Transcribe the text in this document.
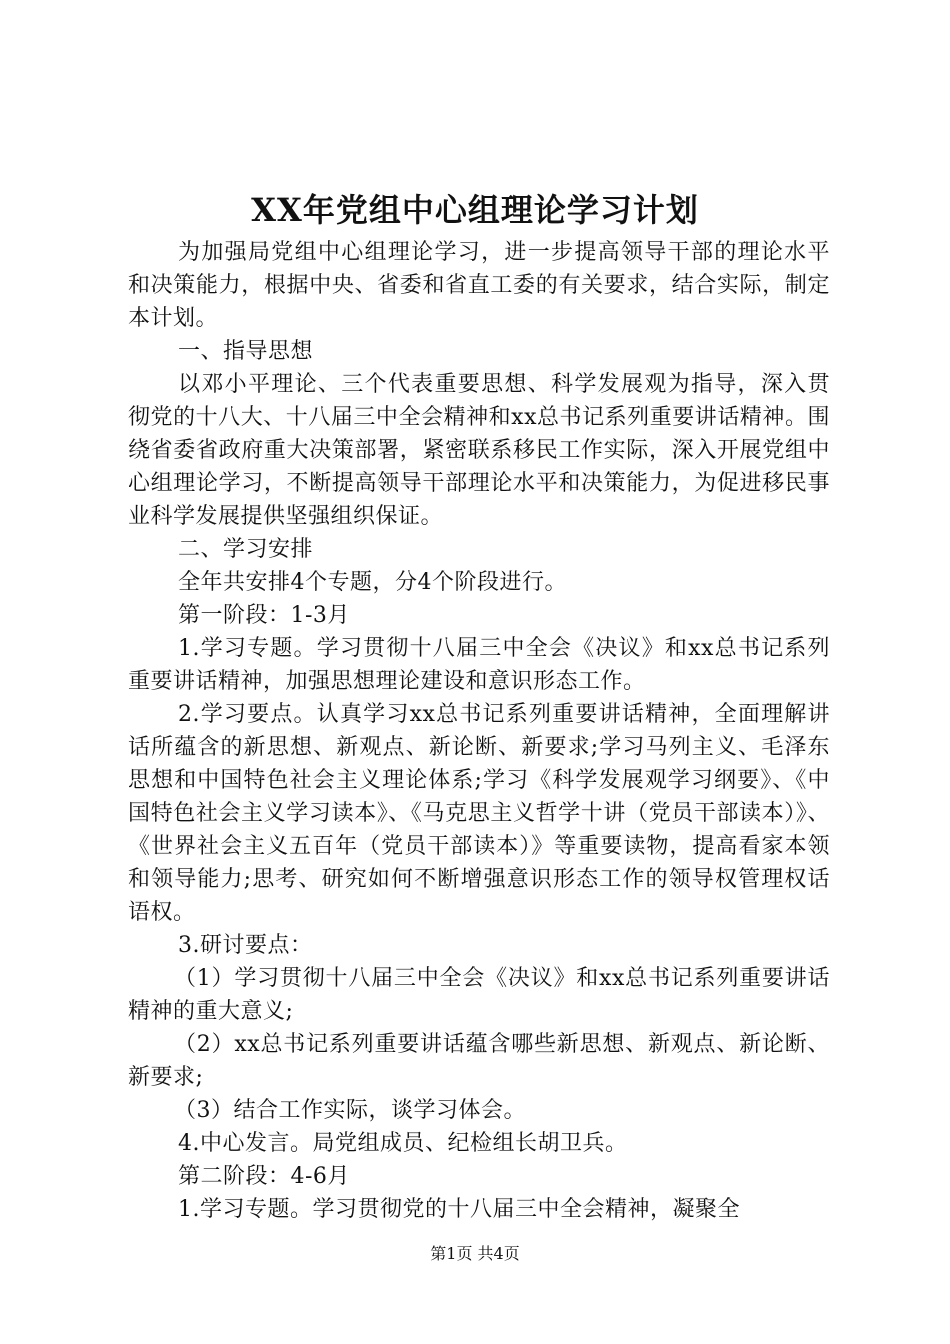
XX年党组中心组理论学习计划

为加强局党组中心组理论学习，进一步提高领导干部的理论水平和决策能力，根据中央、省委和省直工委的有关要求，结合实际，制定本计划。

一、指导思想

以邓小平理论、三个代表重要思想、科学发展观为指导，深入贯彻党的十八大、十八届三中全会精神和xx总书记系列重要讲话精神。围绕省委省政府重大决策部署，紧密联系移民工作实际，深入开展党组中心组理论学习，不断提高领导干部理论水平和决策能力，为促进移民事业科学发展提供坚强组织保证。

二、学习安排

全年共安排4个专题，分4个阶段进行。

第一阶段：1-3月

1.学习专题。学习贯彻十八届三中全会《决议》和xx总书记系列重要讲话精神，加强思想理论建设和意识形态工作。

2.学习要点。认真学习xx总书记系列重要讲话精神，全面理解讲话所蕴含的新思想、新观点、新论断、新要求;学习马列主义、毛泽东思想和中国特色社会主义理论体系;学习《科学发展观学习纲要》、《中国特色社会主义学习读本》、《马克思主义哲学十讲（党员干部读本）》、《世界社会主义五百年（党员干部读本）》等重要读物，提高看家本领和领导能力;思考、研究如何不断增强意识形态工作的领导权管理权话语权。

3.研讨要点：

（1）学习贯彻十八届三中全会《决议》和xx总书记系列重要讲话精神的重大意义;

（2）xx总书记系列重要讲话蕴含哪些新思想、新观点、新论断、新要求;

（3）结合工作实际，谈学习体会。

4.中心发言。局党组成员、纪检组长胡卫兵。

第二阶段：4-6月

1.学习专题。学习贯彻党的十八届三中全会精神，凝聚全

第1页 共4页
